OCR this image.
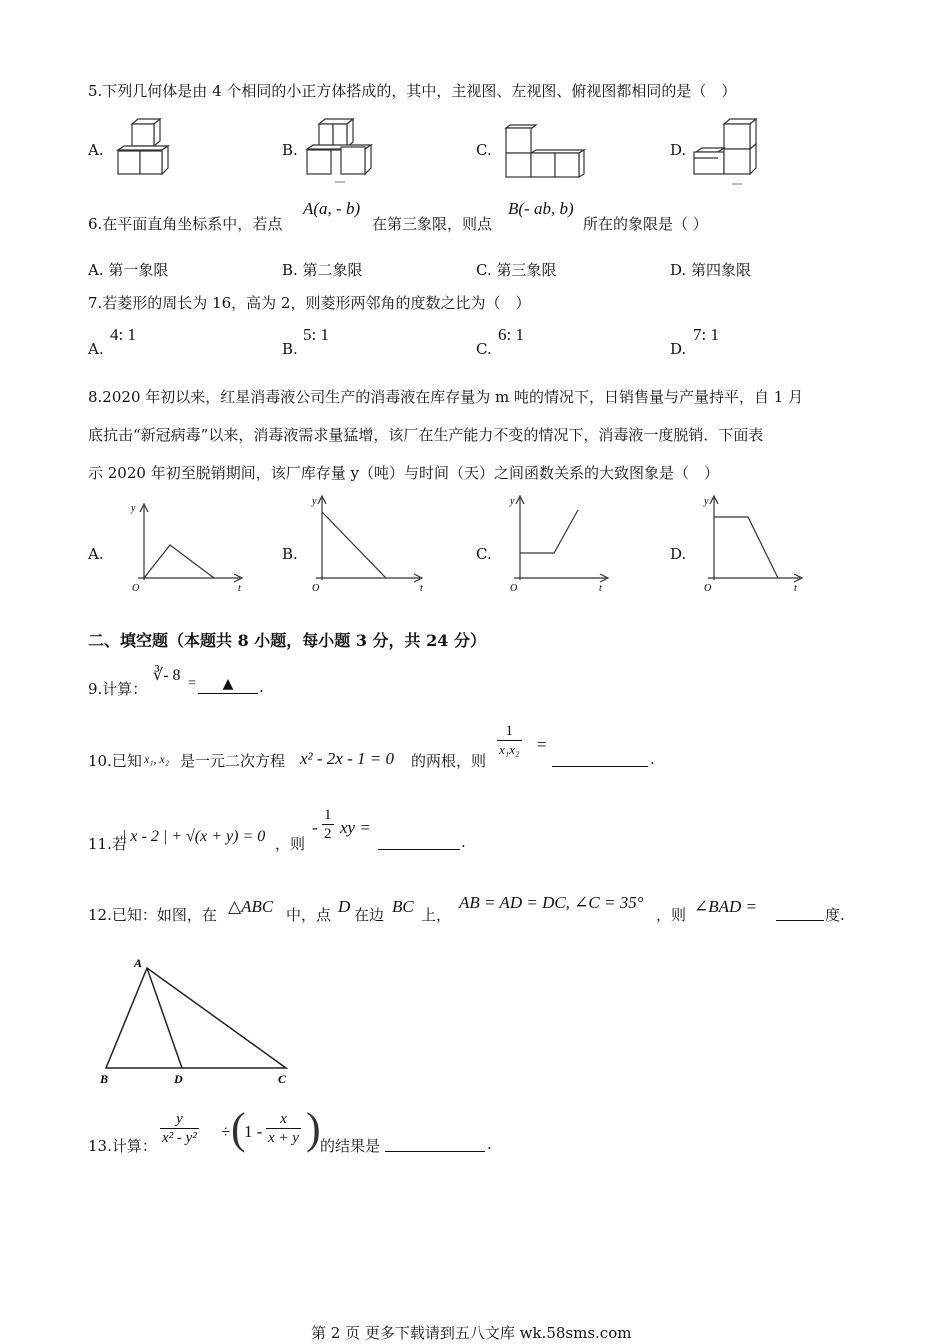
5.下列几何体是由 4 个相同的小正方体搭成的，其中，主视图、左视图、俯视图都相同的是（　）
A.	B.	C.	D.
6.在平面直角坐标系中，若点
A(a, - b)
在第三象限，则点
B(- ab, b)
所在的象限是（ ）
A. 第一象限	B. 第二象限	C. 第三象限	D. 第四象限
7.若菱形的周长为 16，高为 2，则菱形两邻角的度数之比为（　）
A.
4: 1
B.
5: 1
C.
6: 1
D.
7: 1
8.2020 年初以来，红星消毒液公司生产的消毒液在库存量为 m 吨的情况下，日销售量与产量持平，自 1 月
底抗击“新冠病毒”以来，消毒液需求量猛增，该厂在生产能力不变的情况下，消毒液一度脱销．下面表
示 2020 年初至脱销期间，该厂库存量 y（吨）与时间（天）之间函数关系的大致图象是（　）
A.	B.	C.	D.
y
O	t
y
O	t
y
O	t
y
O	t
二、填空题（本题共 8 小题，每小题 3 分，共 24 分）
9.计算：
∛- 8 =	▲	.
10.已知 x₁, x₂ 是一元二次方程 x² - 2x - 1 = 0 的两根，则
$\frac{1}{\text{x₁x₂}}$ =
.
11.若
| x - 2 | + √(x + y) = 0 ，则
- $\frac{1}{2}$ xy =
.
12.已知：如图，在 △ABC 中，点 D 在边 BC 上，
AB = AD = DC, ∠C = 35°
，则 ∠BAD =	度.
A
B	D	C
13.计算： $\frac{y}{\text{x² - y²}}$ ÷ (
$1 - \frac{x}{x + y}$ ) 的结果是	.
第 2 页 更多下载请到五八文库 wk.58sms.com
